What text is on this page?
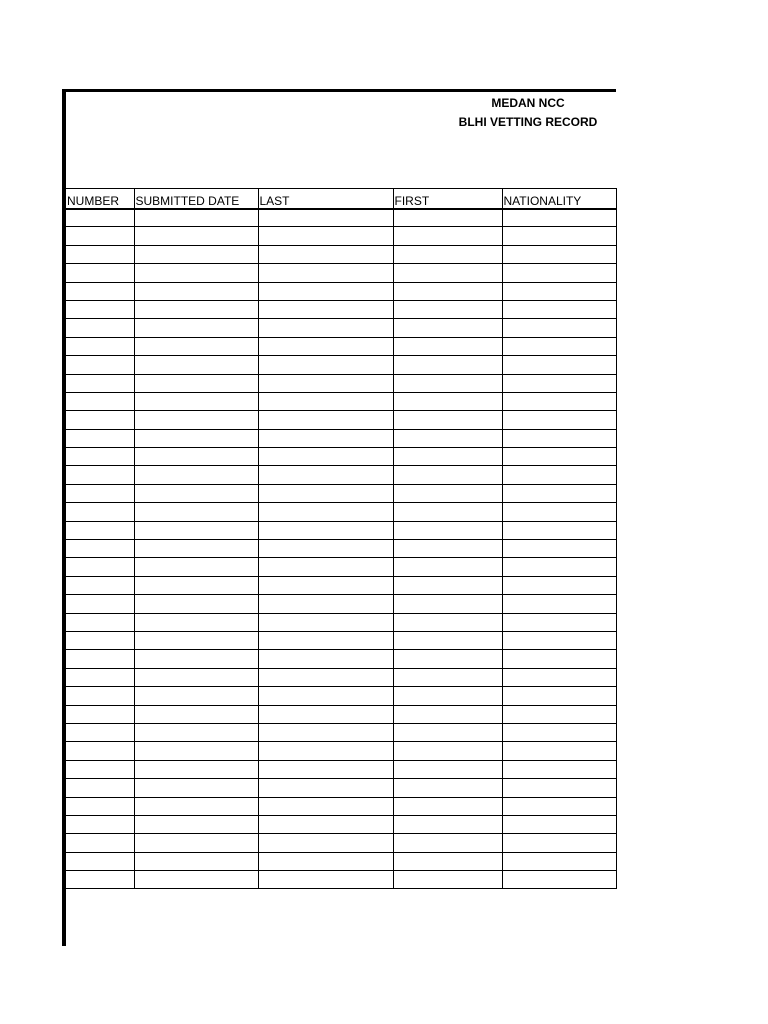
MEDAN NCC
BLHI VETTING RECORD
NUMBER	SUBMITTED DATE	LAST	FIRST	NATIONALITY
